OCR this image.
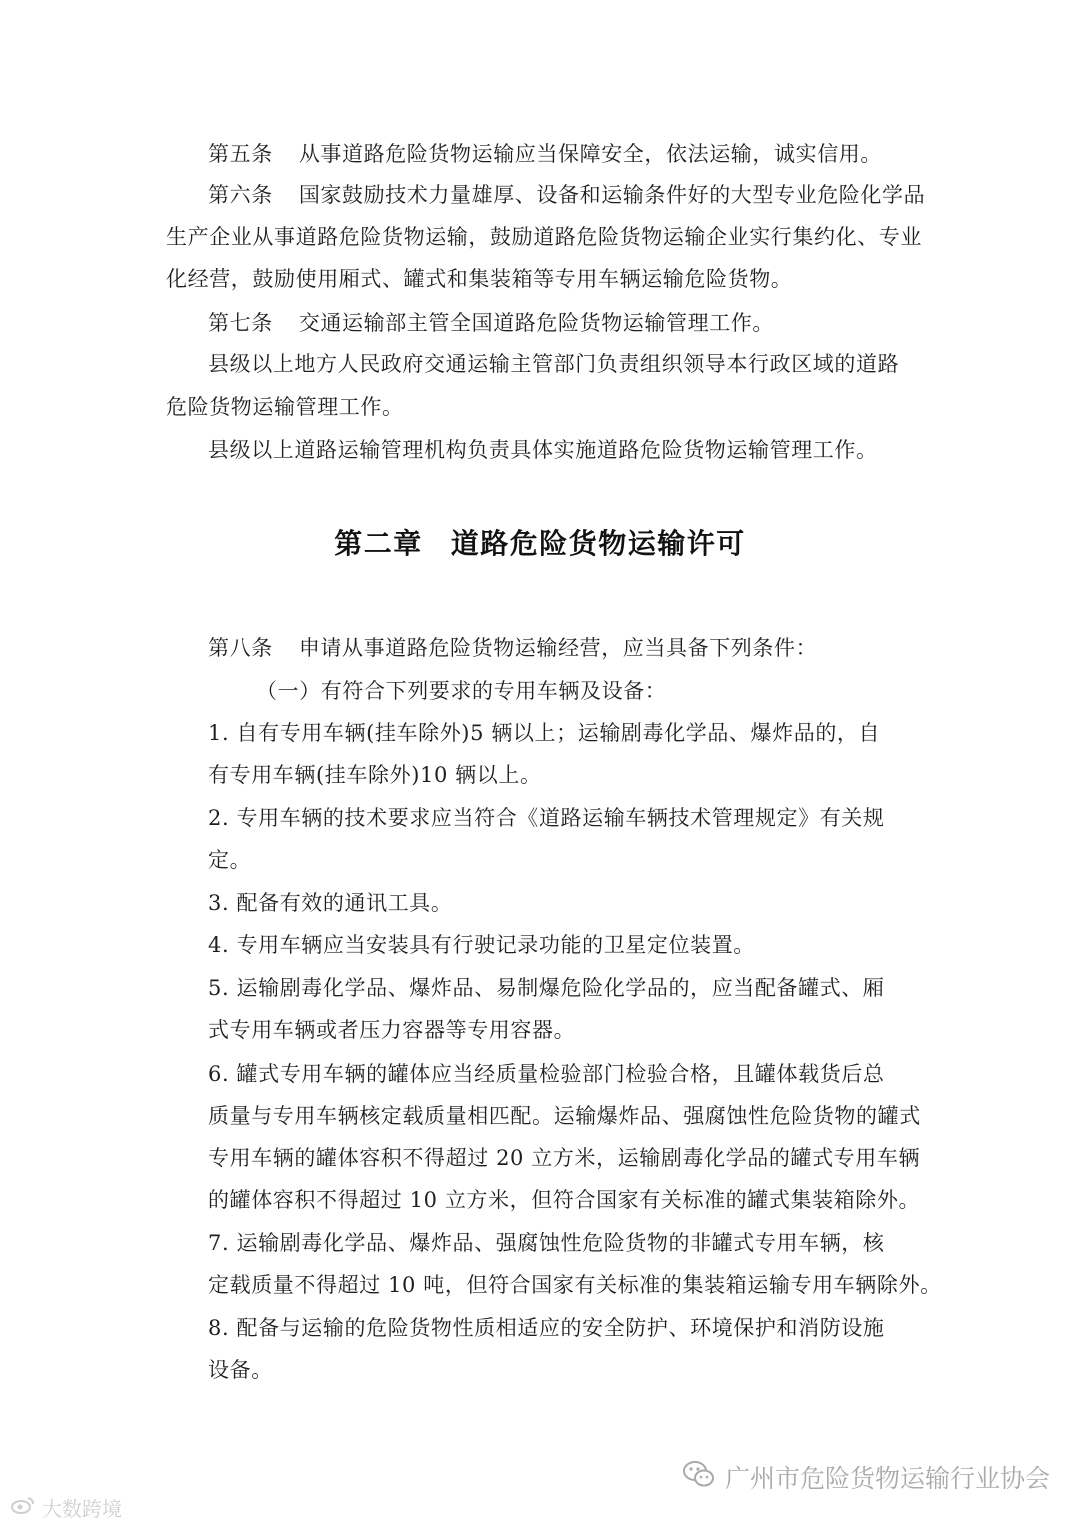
第五条 从事道路危险货物运输应当保障安全，依法运输，诚实信用。
第六条 国家鼓励技术力量雄厚、设备和运输条件好的大型专业危险化学品
生产企业从事道路危险货物运输，鼓励道路危险货物运输企业实行集约化、专业
化经营，鼓励使用厢式、罐式和集装箱等专用车辆运输危险货物。
第七条 交通运输部主管全国道路危险货物运输管理工作。
县级以上地方人民政府交通运输主管部门负责组织领导本行政区域的道路
危险货物运输管理工作。
县级以上道路运输管理机构负责具体实施道路危险货物运输管理工作。
第二章 道路危险货物运输许可
第八条 申请从事道路危险货物运输经营，应当具备下列条件：
（一）有符合下列要求的专用车辆及设备：
1. 自有专用车辆(挂车除外)5 辆以上；运输剧毒化学品、爆炸品的，自
有专用车辆(挂车除外)10 辆以上。
2. 专用车辆的技术要求应当符合《道路运输车辆技术管理规定》有关规
定。
3. 配备有效的通讯工具。
4. 专用车辆应当安装具有行驶记录功能的卫星定位装置。
5. 运输剧毒化学品、爆炸品、易制爆危险化学品的，应当配备罐式、厢
式专用车辆或者压力容器等专用容器。
6. 罐式专用车辆的罐体应当经质量检验部门检验合格，且罐体载货后总
质量与专用车辆核定载质量相匹配。运输爆炸品、强腐蚀性危险货物的罐式
专用车辆的罐体容积不得超过 20 立方米，运输剧毒化学品的罐式专用车辆
的罐体容积不得超过 10 立方米，但符合国家有关标准的罐式集装箱除外。
7. 运输剧毒化学品、爆炸品、强腐蚀性危险货物的非罐式专用车辆，核
定载质量不得超过 10 吨，但符合国家有关标准的集装箱运输专用车辆除外。
8. 配备与运输的危险货物性质相适应的安全防护、环境保护和消防设施
设备。
大数跨境
广州市危险货物运输行业协会
